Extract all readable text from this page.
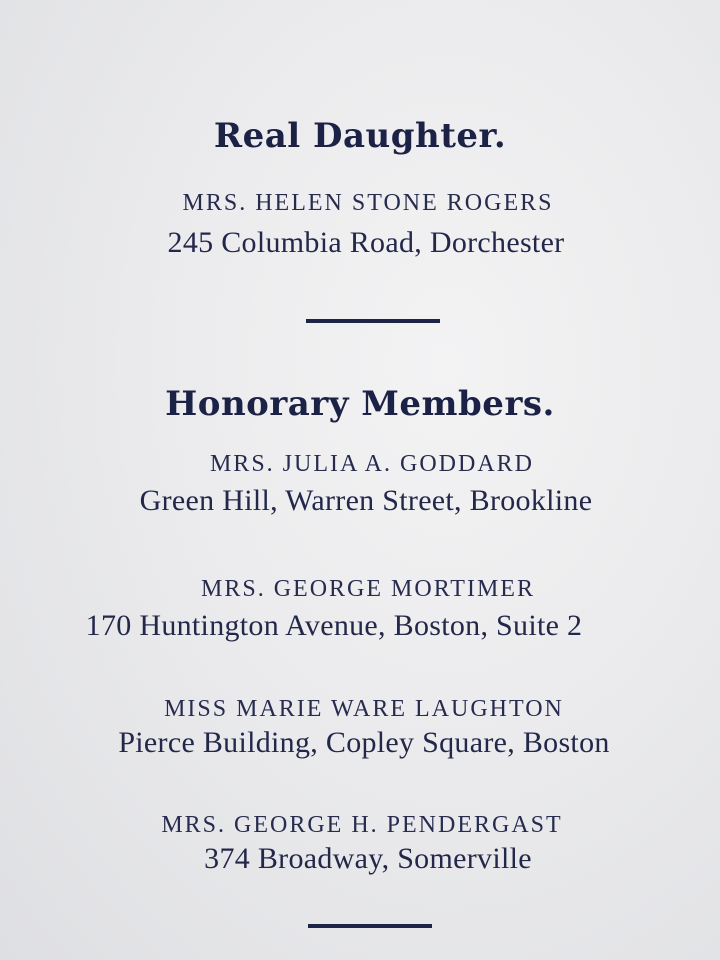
Real Daughter.
MRS. HELEN STONE ROGERS
245 Columbia Road, Dorchester
Honorary Members.
MRS. JULIA A. GODDARD
Green Hill, Warren Street, Brookline
MRS. GEORGE MORTIMER
170 Huntington Avenue, Boston, Suite 2
MISS MARIE WARE LAUGHTON
Pierce Building, Copley Square, Boston
MRS. GEORGE H. PENDERGAST
374 Broadway, Somerville
